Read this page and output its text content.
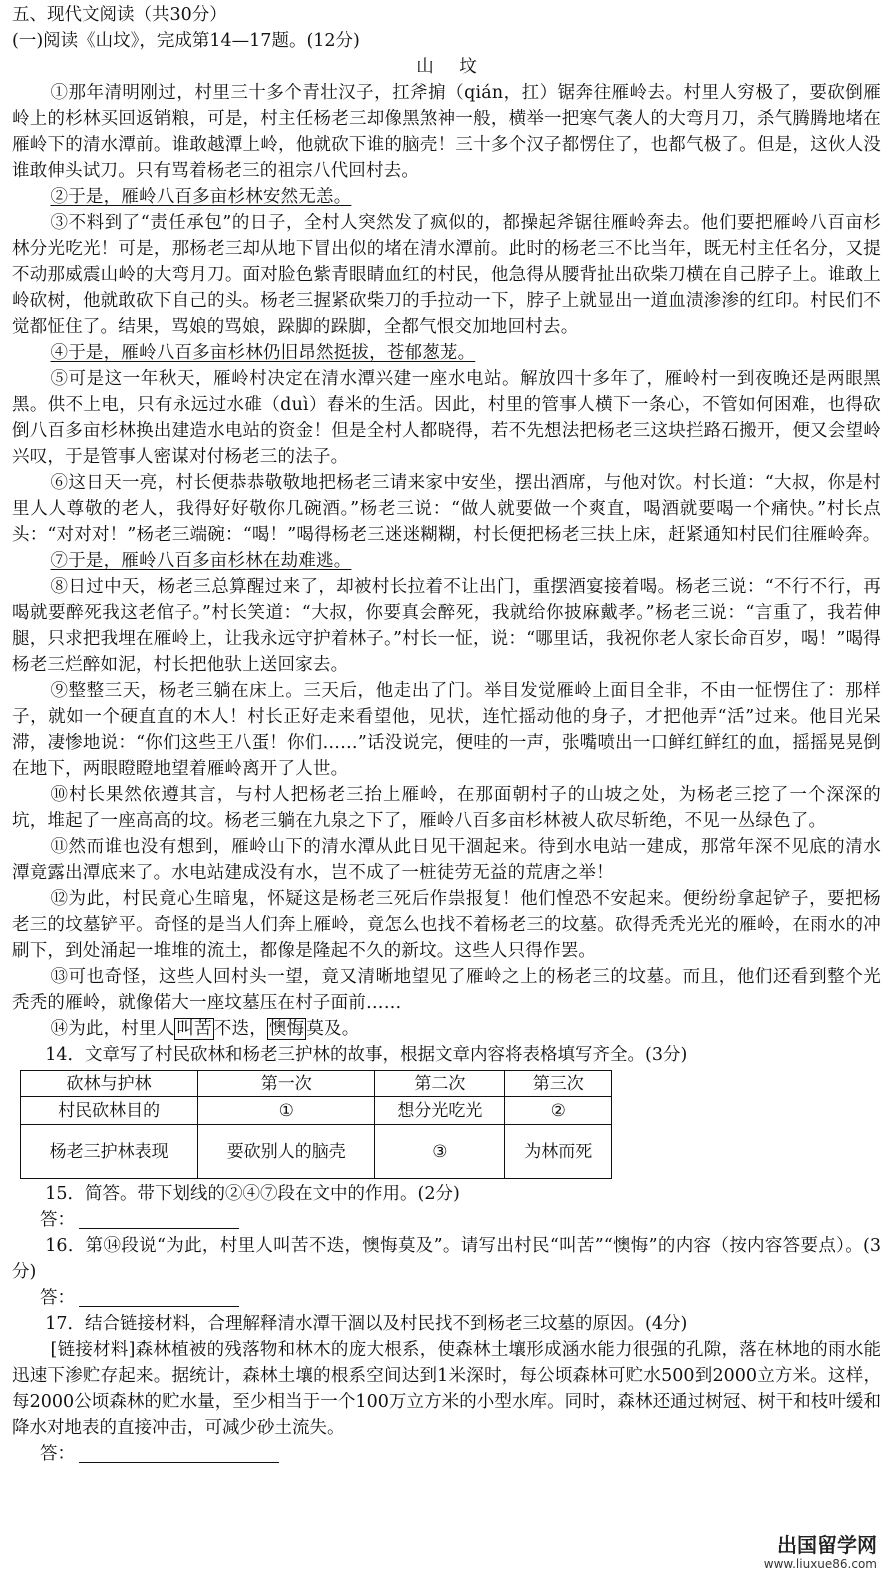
五、现代文阅读（共30分）
(一)阅读《山坟》，完成第14—17题。(12分)
山 坟

①那年清明刚过，村里三十多个青壮汉子，扛斧掮（qián，扛）锯奔往雁岭去。村里人穷极了，要砍倒雁岭上的杉林买回返销粮，可是，村主任杨老三却像黑煞神一般，横举一把寒气袭人的大弯月刀，杀气腾腾地堵在雁岭下的清水潭前。谁敢越潭上岭，他就砍下谁的脑壳！三十多个汉子都愣住了，也都气极了。但是，这伙人没谁敢伸头试刀。只有骂着杨老三的祖宗八代回村去。

②于是，雁岭八百多亩杉林安然无恙。

③不料到了“责任承包”的日子，全村人突然发了疯似的，都操起斧锯往雁岭奔去。他们要把雁岭八百亩杉林分光吃光！可是，那杨老三却从地下冒出似的堵在清水潭前。此时的杨老三不比当年，既无村主任名分，又提不动那威震山岭的大弯月刀。面对脸色紫青眼睛血红的村民，他急得从腰背扯出砍柴刀横在自己脖子上。谁敢上岭砍树，他就敢砍下自己的头。杨老三握紧砍柴刀的手拉动一下，脖子上就显出一道血渍渗渗的红印。村民们不觉都怔住了。结果，骂娘的骂娘，跺脚的跺脚，全都气恨交加地回村去。

④于是，雁岭八百多亩杉林仍旧昂然挺拔，苍郁葱茏。

⑤可是这一年秋天，雁岭村决定在清水潭兴建一座水电站。解放四十多年了，雁岭村一到夜晚还是两眼黑黑。供不上电，只有永远过水碓（duì）舂米的生活。因此，村里的管事人横下一条心，不管如何困难，也得砍倒八百多亩杉林换出建造水电站的资金！但是全村人都晓得，若不先想法把杨老三这块拦路石搬开，便又会望岭兴叹，于是管事人密谋对付杨老三的法子。

⑥这日天一亮，村长便恭恭敬敬地把杨老三请来家中安坐，摆出酒席，与他对饮。村长道：“大叔，你是村里人人尊敬的老人，我得好好敬你几碗酒。”杨老三说：“做人就要做一个爽直，喝酒就要喝一个痛快。”村长点头：“对对对！”杨老三端碗：“喝！”喝得杨老三迷迷糊糊，村长便把杨老三扶上床，赶紧通知村民们往雁岭奔。

⑦于是，雁岭八百多亩杉林在劫难逃。

⑧日过中天，杨老三总算醒过来了，却被村长拉着不让出门，重摆酒宴接着喝。杨老三说：“不行不行，再喝就要醉死我这老倌子。”村长笑道：“大叔，你要真会醉死，我就给你披麻戴孝。”杨老三说：“言重了，我若伸腿，只求把我埋在雁岭上，让我永远守护着林子。”村长一怔，说：“哪里话，我祝你老人家长命百岁，喝！”喝得杨老三烂醉如泥，村长把他驮上送回家去。

⑨整整三天，杨老三躺在床上。三天后，他走出了门。举目发觉雁岭上面目全非，不由一怔愣住了：那样子，就如一个硬直直的木人！村长正好走来看望他，见状，连忙摇动他的身子，才把他弄“活”过来。他目光呆滞，凄惨地说：“你们这些王八蛋！你们……”话没说完，便哇的一声，张嘴喷出一口鲜红鲜红的血，摇摇晃晃倒在地下，两眼瞪瞪地望着雁岭离开了人世。

⑩村长果然依遵其言，与村人把杨老三抬上雁岭，在那面朝村子的山坡之处，为杨老三挖了一个深深的坑，堆起了一座高高的坟。杨老三躺在九泉之下了，雁岭八百多亩杉林被人砍尽斩绝，不见一丛绿色了。

⑪然而谁也没有想到，雁岭山下的清水潭从此日见干涸起来。待到水电站一建成，那常年深不见底的清水潭竟露出潭底来了。水电站建成没有水，岂不成了一桩徒劳无益的荒唐之举！

⑫为此，村民竟心生暗鬼，怀疑这是杨老三死后作祟报复！他们惶恐不安起来。便纷纷拿起铲子，要把杨老三的坟墓铲平。奇怪的是当人们奔上雁岭，竟怎么也找不着杨老三的坟墓。砍得秃秃光光的雁岭，在雨水的冲刷下，到处涌起一堆堆的流土，都像是隆起不久的新坟。这些人只得作罢。

⑬可也奇怪，这些人回村头一望，竟又清晰地望见了雁岭之上的杨老三的坟墓。而且，他们还看到整个光秃秃的雁岭，就像偌大一座坟墓压在村子面前……

⑭为此，村里人 叫苦 不迭， 懊悔 莫及。

14．文章写了村民砍林和杨老三护林的故事，根据文章内容将表格填写齐全。(3分)

砍林与护林	第一次	第二次	第三次
村民砍林目的	①	想分光吃光	②
杨老三护林表现	要砍别人的脑壳	③	为林而死

15．简答。带下划线的②④⑦段在文中的作用。(2分)

答：

16．第⑭段说“为此，村里人叫苦不迭，懊悔莫及”。请写出村民“叫苦”“懊悔”的内容（按内容答要点）。(3分)

答：

17．结合链接材料，合理解释清水潭干涸以及村民找不到杨老三坟墓的原因。(4分)

[链接材料]森林植被的残落物和林木的庞大根系，使森林土壤形成涵水能力很强的孔隙，落在林地的雨水能迅速下渗贮存起来。据统计，森林土壤的根系空间达到1米深时，每公顷森林可贮水500到2000立方米。这样，每2000公顷森林的贮水量，至少相当于一个100万立方米的小型水库。同时，森林还通过树冠、树干和枝叶缓和降水对地表的直接冲击，可减少砂土流失。

答：
出国留学网
www.liuxue86.com
